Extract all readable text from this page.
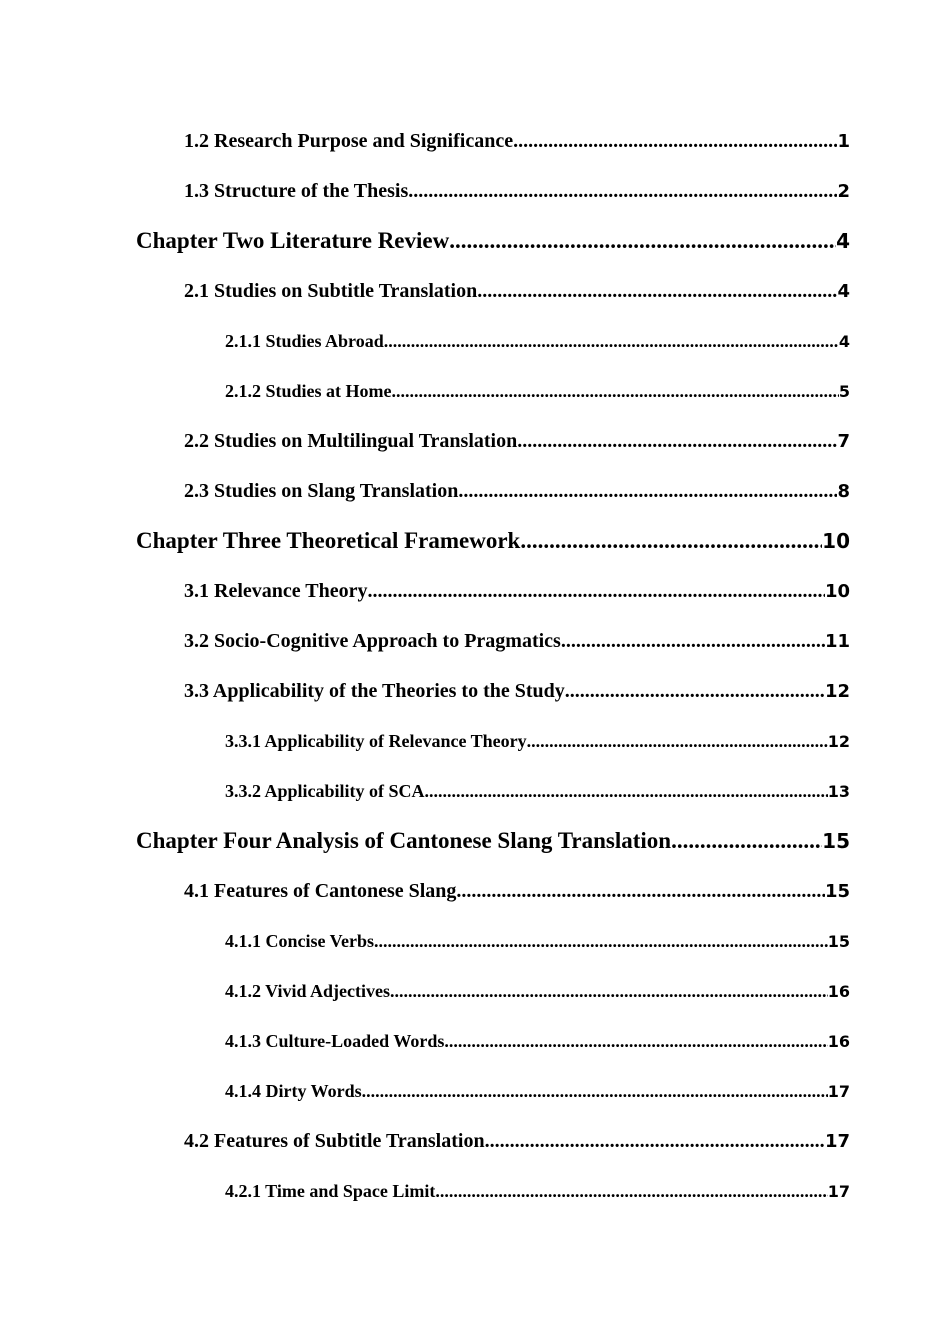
1.2 Research Purpose and Significance .....	1
1.3 Structure of the Thesis .....	2
Chapter Two Literature Review .....	4
2.1 Studies on Subtitle Translation .....	4
2.1.1 Studies Abroad .....	4
2.1.2 Studies at Home .....	5
2.2 Studies on Multilingual Translation .....	7
2.3 Studies on Slang Translation .....	8
Chapter Three Theoretical Framework .....	10
3.1 Relevance Theory .....	10
3.2 Socio-Cognitive Approach to Pragmatics .....	11
3.3 Applicability of the Theories to the Study .....	12
3.3.1 Applicability of Relevance Theory .....	12
3.3.2 Applicability of SCA .....	13
Chapter Four Analysis of Cantonese Slang Translation .....	15
4.1 Features of Cantonese Slang .....	15
4.1.1 Concise Verbs .....	15
4.1.2 Vivid Adjectives .....	16
4.1.3 Culture-Loaded Words .....	16
4.1.4 Dirty Words .....	17
4.2 Features of Subtitle Translation .....	17
4.2.1 Time and Space Limit .....	17
